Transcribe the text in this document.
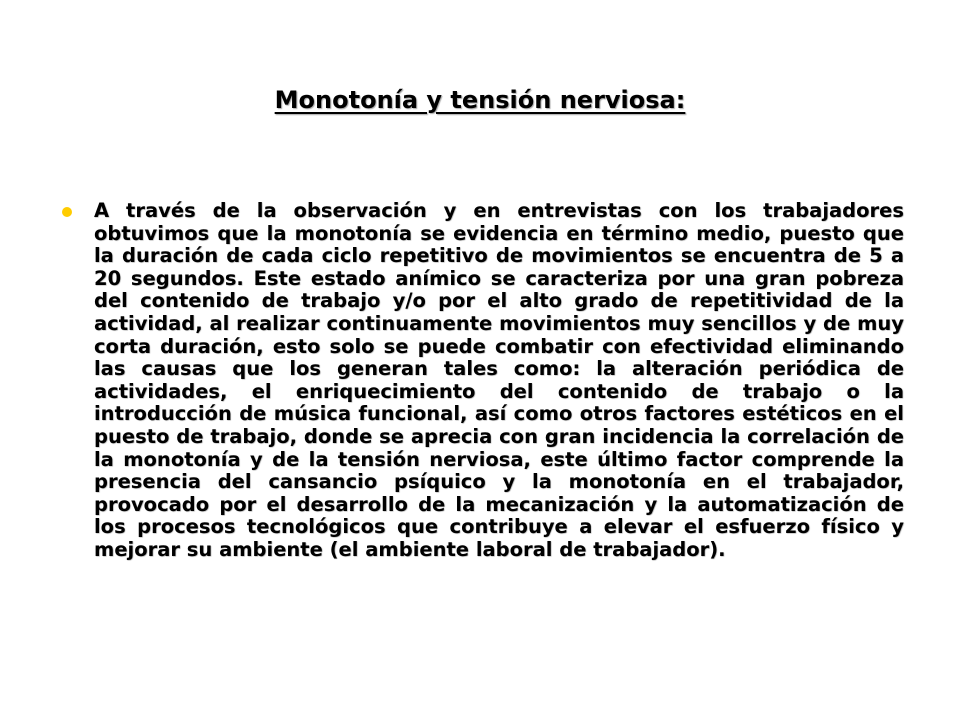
Monotonía y tensión nerviosa:
A través de la observación y en entrevistas con los trabajadores obtuvimos que la monotonía se evidencia en término medio, puesto que la duración de cada ciclo repetitivo de movimientos se encuentra de 5 a 20 segundos. Este estado anímico se caracteriza por una gran pobreza del contenido de trabajo y/o por el alto grado de repetitividad de la actividad, al realizar continuamente movimientos muy sencillos y de muy corta duración, esto solo se puede combatir con efectividad eliminando las causas que los generan tales como: la alteración periódica de actividades, el enriquecimiento del contenido de trabajo o la introducción de música funcional, así como otros factores estéticos en el puesto de trabajo, donde se aprecia con gran incidencia la correlación de la monotonía y de la tensión nerviosa, este último factor comprende la presencia del cansancio psíquico y la monotonía en el trabajador, provocado por el desarrollo de la mecanización y la automatización de los procesos tecnológicos que contribuye a elevar el esfuerzo físico y mejorar su ambiente (el ambiente laboral de trabajador).
